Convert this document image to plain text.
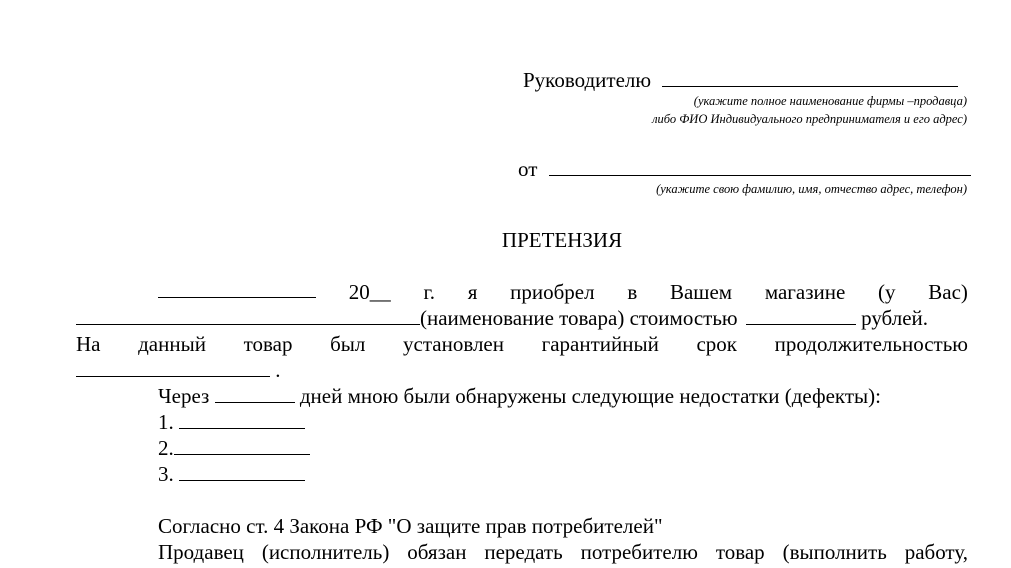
Руководителю
(укажите полное наименование фирмы –продавца)
либо ФИО Индивидуального предпринимателя и его адрес)
от
(укажите свою фамилию, имя, отчество адрес, телефон)
ПРЕТЕНЗИЯ
20__ г. я приобрел в Вашем магазине (у Вас)
(наименование товара) стоимостью	рублей.
На данный товар был установлен гарантийный срок продолжительностью
.
Через	дней мною были обнаружены следующие недостатки (дефекты):
1.
2.
3.
Согласно ст. 4 Закона РФ "О защите прав потребителей"
Продавец (исполнитель) обязан передать потребителю товар (выполнить работу,
